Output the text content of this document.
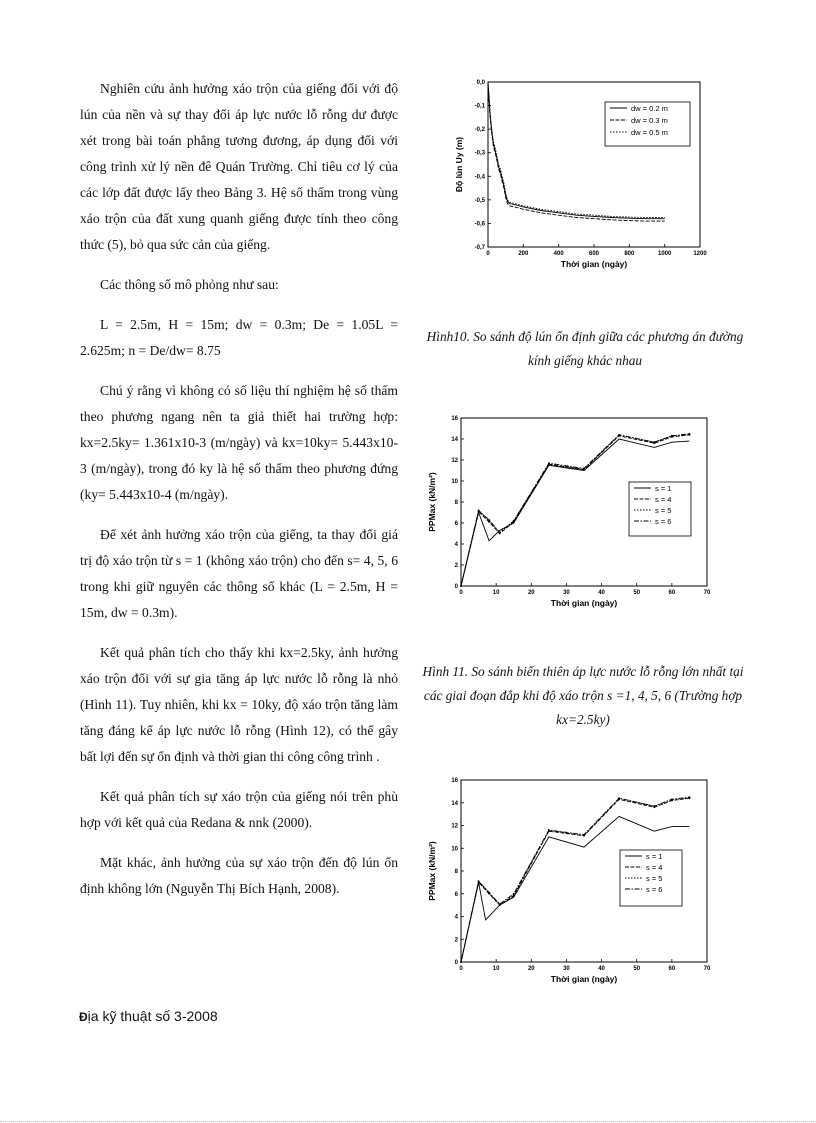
Nghiên cứu ảnh hưởng xáo trộn của giếng đối với độ lún của nền và sự thay đổi áp lực nước lỗ rỗng dư được xét trong bài toán phẳng tương đương, áp dụng đối với công trình xử lý nền đê Quán Trường. Chỉ tiêu cơ lý của các lớp đất được lấy theo Bảng 3. Hệ số thấm trong vùng xáo trộn của đất xung quanh giếng được tính theo công thức (5), bỏ qua sức cản của giếng.

Các thông số mô phỏng như sau:

L = 2.5m, H = 15m; dw = 0.3m; De = 1.05L = 2.625m; n = De/dw= 8.75

Chú ý rằng vì không có số liệu thí nghiệm hệ số thấm theo phương ngang nên ta giả thiết hai trường hợp: kx=2.5ky= 1.361x10-3 (m/ngày) và kx=10ky= 5.443x10-3 (m/ngày), trong đó ky là hệ số thấm theo phương đứng (ky= 5.443x10-4 (m/ngày).

Để xét ảnh hưởng xáo trộn của giếng, ta thay đổi giá trị độ xáo trộn từ s = 1 (không xáo trộn) cho đến s= 4, 5, 6 trong khi giữ nguyên các thông số khác (L = 2.5m, H = 15m, dw = 0.3m).

Kết quả phân tích cho thấy khi kx=2.5ky, ảnh hưởng xáo trộn đối với sự gia tăng áp lực nước lỗ rỗng là nhỏ (Hình 11). Tuy nhiên, khi kx = 10ky, độ xáo trộn tăng làm tăng đáng kể áp lực nước lỗ rỗng (Hình 12), có thể gây bất lợi đến sự ổn định và thời gian thi công công trình .

Kết quả phân tích sự xáo trộn của giếng nói trên phù hợp với kết quả của Redana & nnk (2000).

Mặt khác, ảnh hưởng của sự xáo trộn đến độ lún ổn định không lớn (Nguyễn Thị Bích Hạnh, 2008).

0	200	400	600	800	1000	1200
0,0
-0,1
-0,2
-0,3
-0,4
-0,5
-0,6
-0,7
Thời gian (ngày)
Độ lún Uy (m)
dw = 0.2 m
dw = 0.3 m
dw = 0.5 m
Hình10. So sánh độ lún ổn định giữa các phương án đường kính giếng khác nhau
0	10	20	30	40	50	60	70
0
2
4
6
8
10
12
14
16
Thời gian (ngày)
PPMax (kN/m²)	s = 1
s = 4
s = 5
s = 6
Hình 11. So sánh biến thiên áp lực nước lỗ rỗng lớn nhất tại các giai đoạn đắp khi độ xáo trộn s =1, 4, 5, 6 (Trường hợp kx=2.5ky)
0	10	20	30	40	50	60	70
0
2
4
6
8
10
12
14
16
Thời gian (ngày)
PPMax (kN/m²)	s = 1
s = 4
s = 5
s = 6
Ðịa kỹ thuật số 3-2008
